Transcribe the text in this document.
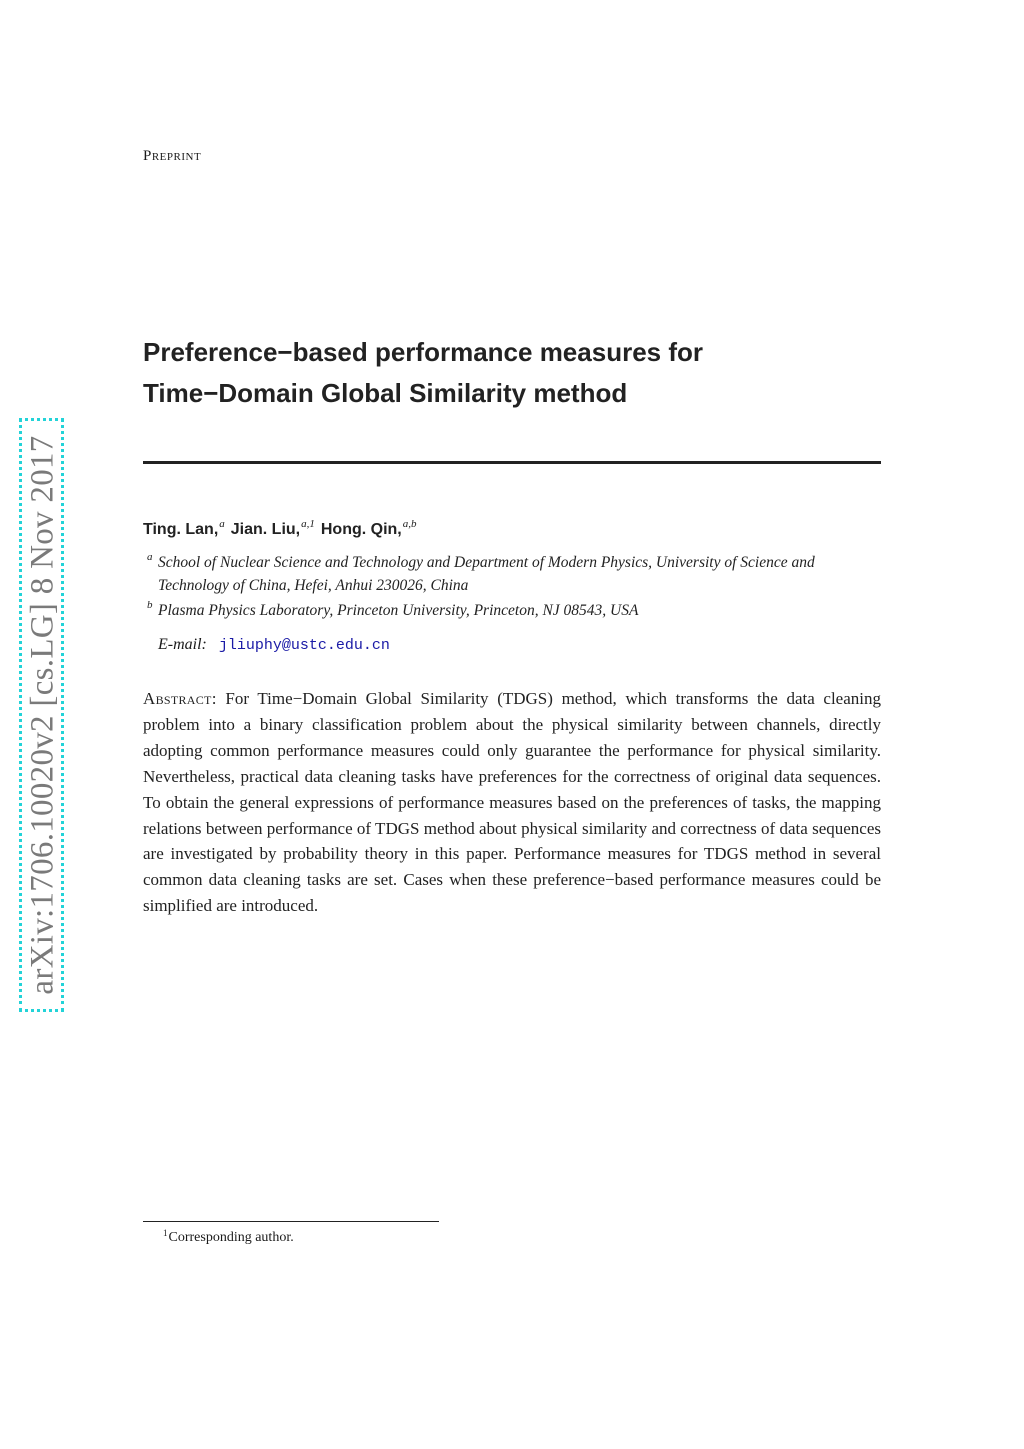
Preprint
Preference−based performance measures for
Time−Domain Global Similarity method
Ting. Lan,$^a$ Jian. Liu,$^{a,1}$ Hong. Qin,$^{a,b}$
a School of Nuclear Science and Technology and Department of Modern Physics, University of Science and Technology of China, Hefei, Anhui 230026, China
b Plasma Physics Laboratory, Princeton University, Princeton, NJ 08543, USA
E-mail: jliuphy@ustc.edu.cn
Abstract: For Time−Domain Global Similarity (TDGS) method, which transforms the data cleaning problem into a binary classification problem about the physical similarity between channels, directly adopting common performance measures could only guarantee the performance for physical similarity. Nevertheless, practical data cleaning tasks have preferences for the correctness of original data sequences. To obtain the general expressions of performance measures based on the preferences of tasks, the mapping relations between performance of TDGS method about physical similarity and correctness of data sequences are investigated by probability theory in this paper. Performance measures for TDGS method in several common data cleaning tasks are set. Cases when these preference−based performance measures could be simplified are introduced.
$^1$Corresponding author.
arXiv:1706.10020v2 [cs.LG] 8 Nov 2017
